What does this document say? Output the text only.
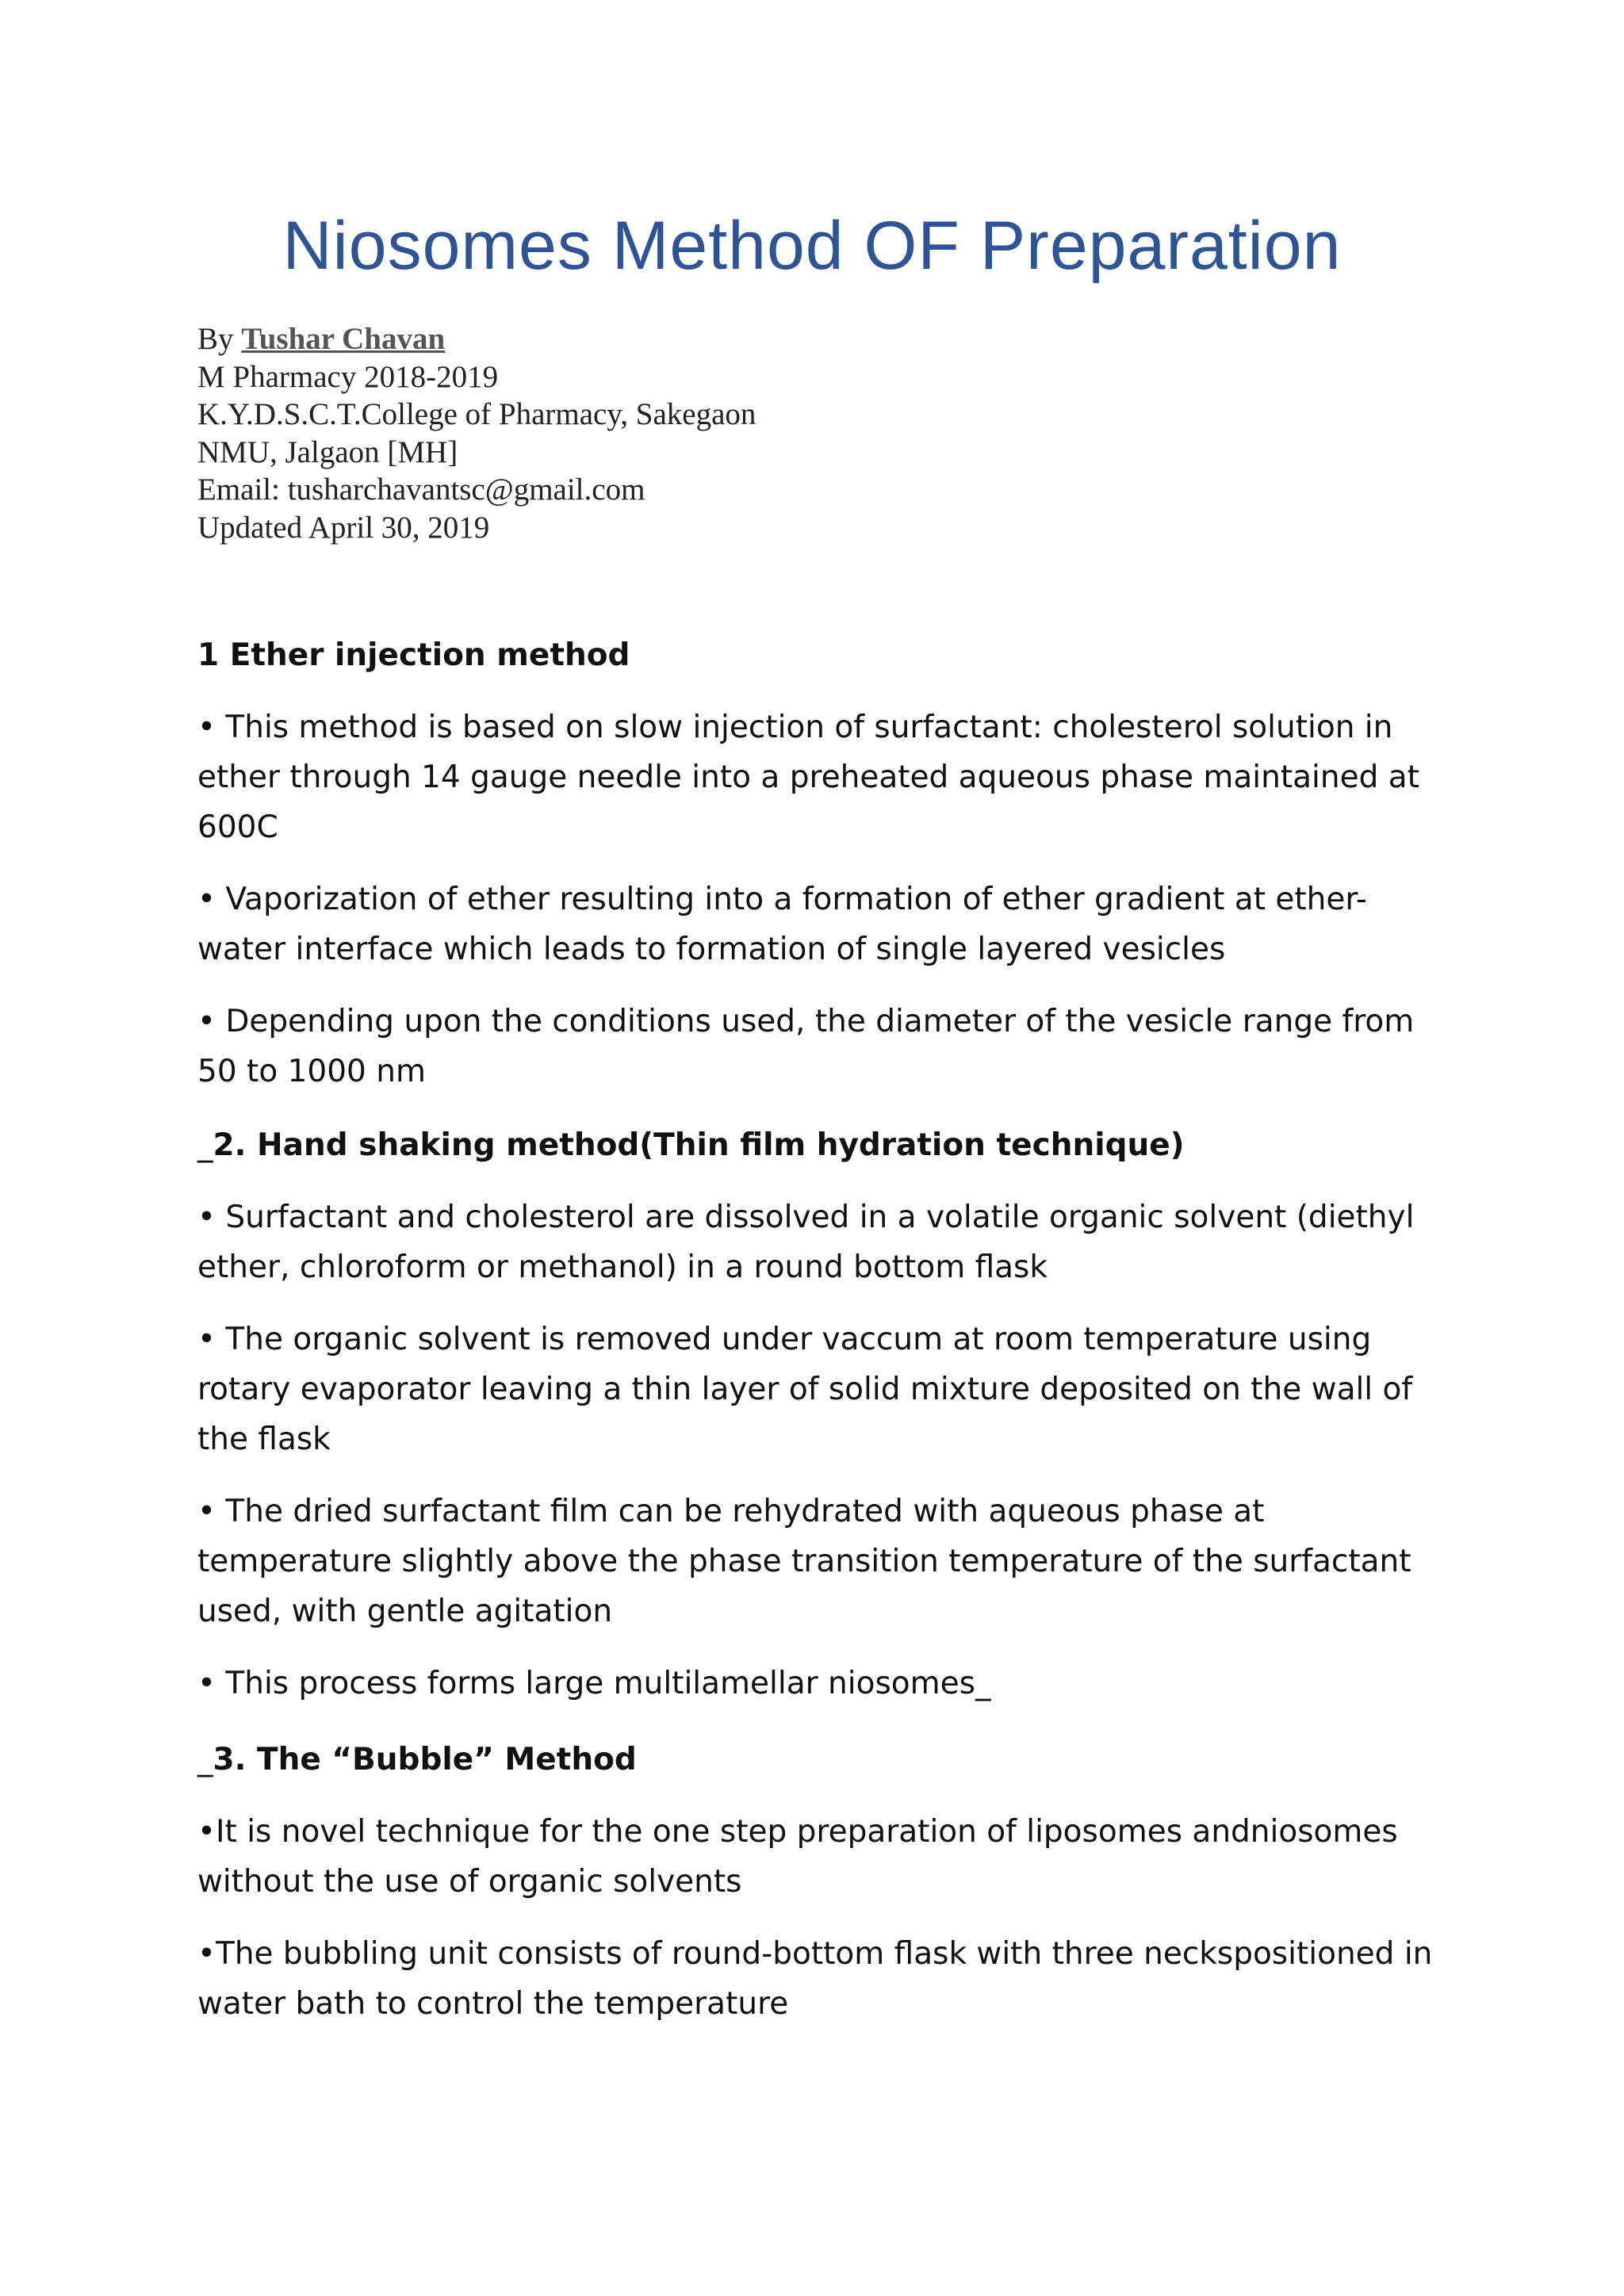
Niosomes Method OF Preparation
By Tushar Chavan
M Pharmacy 2018-2019
K.Y.D.S.C.T.College of Pharmacy, Sakegaon
NMU, Jalgaon [MH]
Email: tusharchavantsc@gmail.com
Updated April 30, 2019

1 Ether injection method

• This method is based on slow injection of surfactant: cholesterol solution in ether through 14 gauge needle into a preheated aqueous phase maintained at 600C

• Vaporization of ether resulting into a formation of ether gradient at ether-water interface which leads to formation of single layered vesicles

• Depending upon the conditions used, the diameter of the vesicle range from 50 to 1000 nm

_2. Hand shaking method(Thin film hydration technique)

• Surfactant and cholesterol are dissolved in a volatile organic solvent (diethyl ether, chloroform or methanol) in a round bottom flask

• The organic solvent is removed under vaccum at room temperature using rotary evaporator leaving a thin layer of solid mixture deposited on the wall of the flask

• The dried surfactant film can be rehydrated with aqueous phase at temperature slightly above the phase transition temperature of the surfactant used, with gentle agitation

• This process forms large multilamellar niosomes_

_3. The “Bubble” Method

•It is novel technique for the one step preparation of liposomes andniosomes without the use of organic solvents

•The bubbling unit consists of round-bottom flask with three neckspositioned in water bath to control the temperature
